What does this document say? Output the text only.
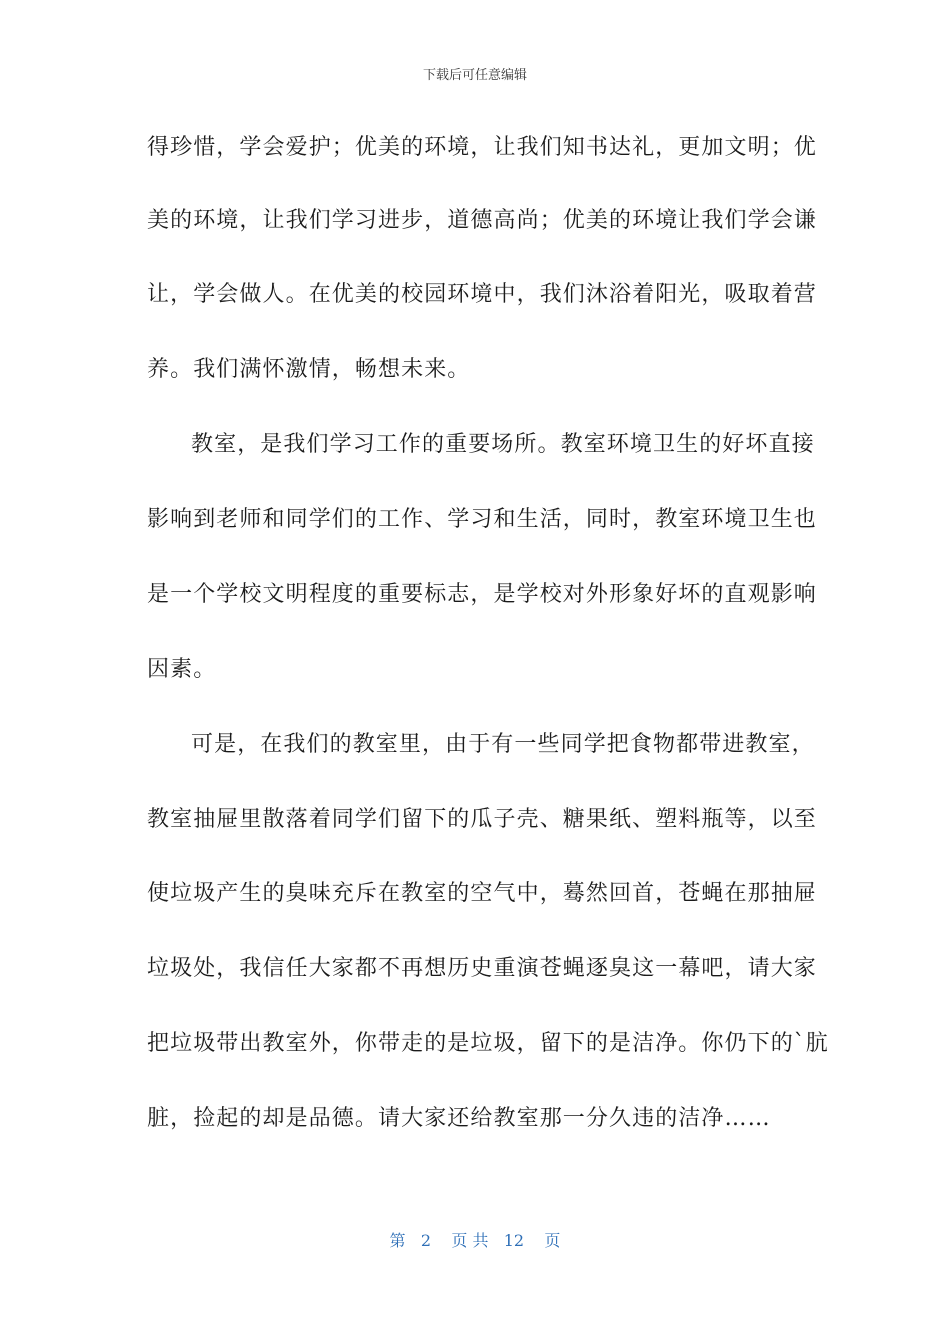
下载后可任意编辑
得珍惜，学会爱护；优美的环境，让我们知书达礼，更加文明；优
美的环境，让我们学习进步，道德高尚；优美的环境让我们学会谦
让，学会做人。在优美的校园环境中，我们沐浴着阳光，吸取着营
养。我们满怀激情，畅想未来。
教室，是我们学习工作的重要场所。教室环境卫生的好坏直接
影响到老师和同学们的工作、学习和生活，同时，教室环境卫生也
是一个学校文明程度的重要标志，是学校对外形象好坏的直观影响
因素。
可是，在我们的教室里，由于有一些同学把食物都带进教室，
教室抽屉里散落着同学们留下的瓜子壳、糖果纸、塑料瓶等，以至
使垃圾产生的臭味充斥在教室的空气中，蓦然回首，苍蝇在那抽屉
垃圾处，我信任大家都不再想历史重演苍蝇逐臭这一幕吧，请大家
把垃圾带出教室外，你带走的是垃圾，留下的是洁净。你仍下的`肮
脏，捡起的却是品德。请大家还给教室那一分久违的洁净……
第 2 页 共 12 页
